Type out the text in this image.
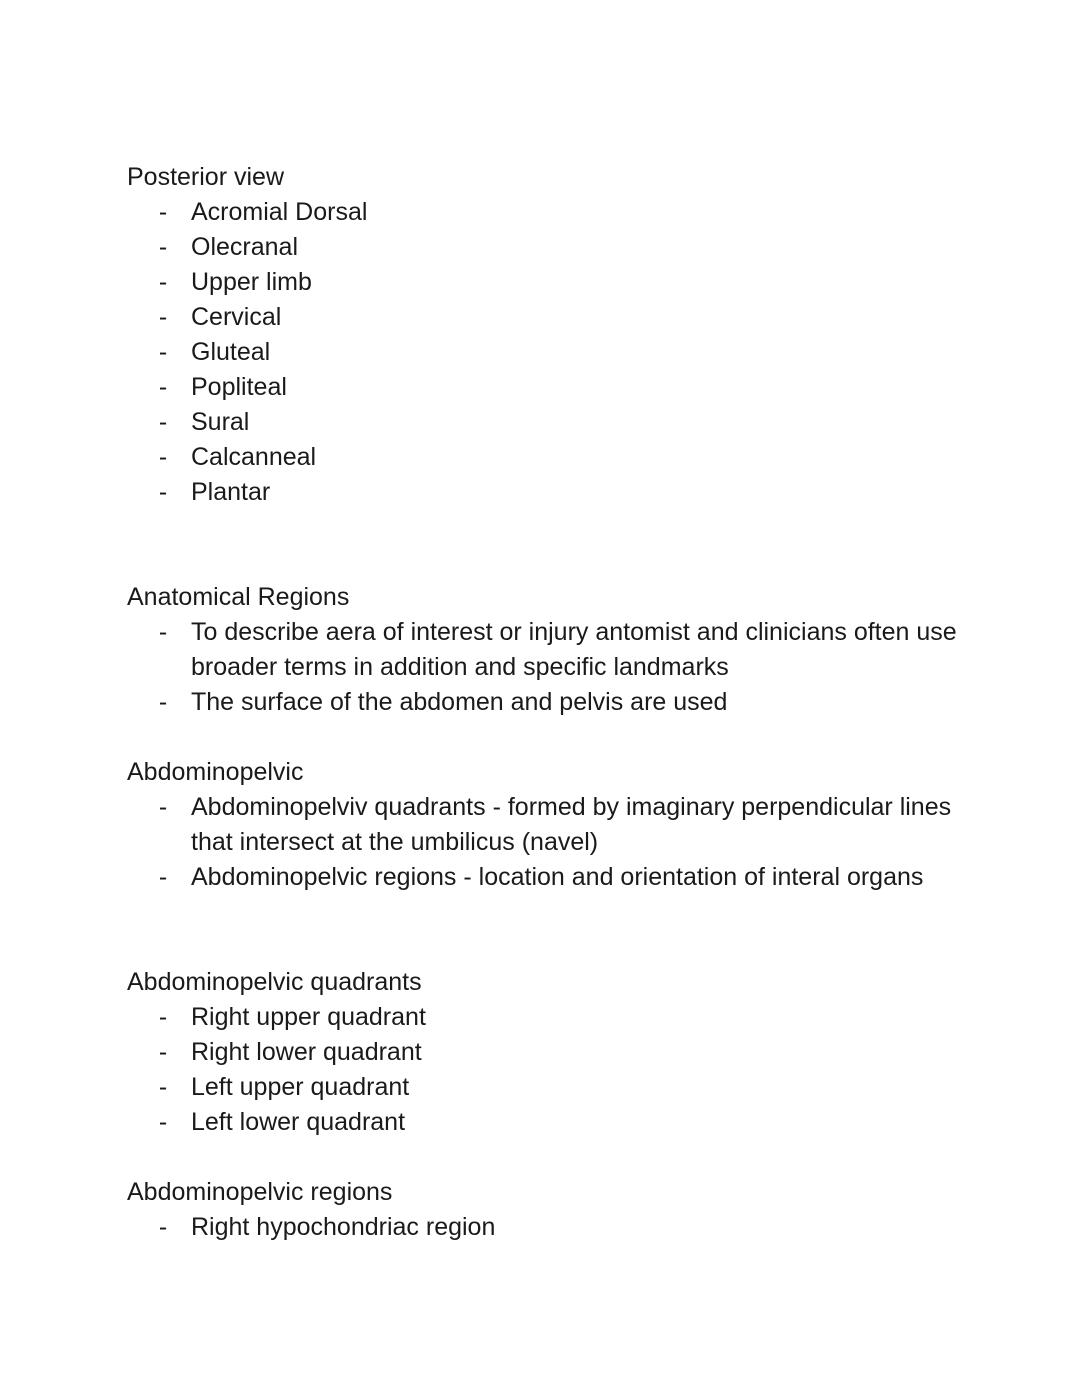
Posterior view
- Acromial Dorsal
- Olecranal
- Upper limb
- Cervical
- Gluteal
- Popliteal
- Sural
- Calcanneal
- Plantar
Anatomical Regions
- To describe aera of interest or injury antomist and clinicians often use broader terms in addition and specific landmarks
- The surface of the abdomen and pelvis are used
Abdominopelvic
- Abdominopelviv quadrants - formed by imaginary perpendicular lines that intersect at the umbilicus (navel)
- Abdominopelvic regions - location and orientation of interal organs
Abdominopelvic quadrants
- Right upper quadrant
- Right lower quadrant
- Left upper quadrant
- Left lower quadrant
Abdominopelvic regions
- Right hypochondriac region
